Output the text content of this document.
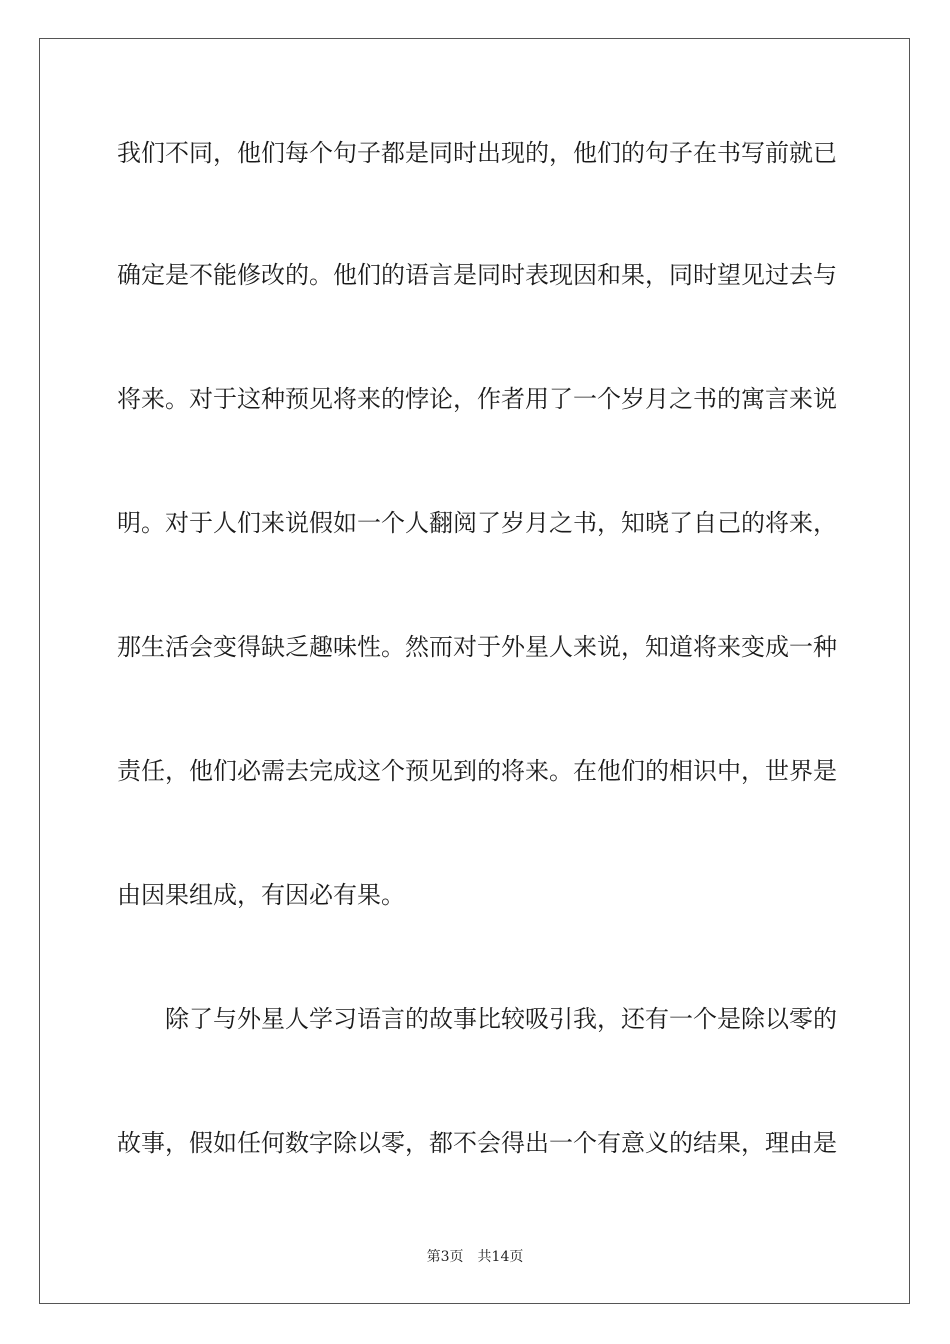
我们不同，他们每个句子都是同时出现的，他们的句子在书写前就已
确定是不能修改的。他们的语言是同时表现因和果，同时望见过去与
将来。对于这种预见将来的悖论，作者用了一个岁月之书的寓言来说
明。对于人们来说假如一个人翻阅了岁月之书，知晓了自己的将来，
那生活会变得缺乏趣味性。然而对于外星人来说，知道将来变成一种
责任，他们必需去完成这个预见到的将来。在他们的相识中，世界是
由因果组成，有因必有果。
除了与外星人学习语言的故事比较吸引我，还有一个是除以零的
故事，假如任何数字除以零，都不会得出一个有意义的结果，理由是
第3页 共14页
